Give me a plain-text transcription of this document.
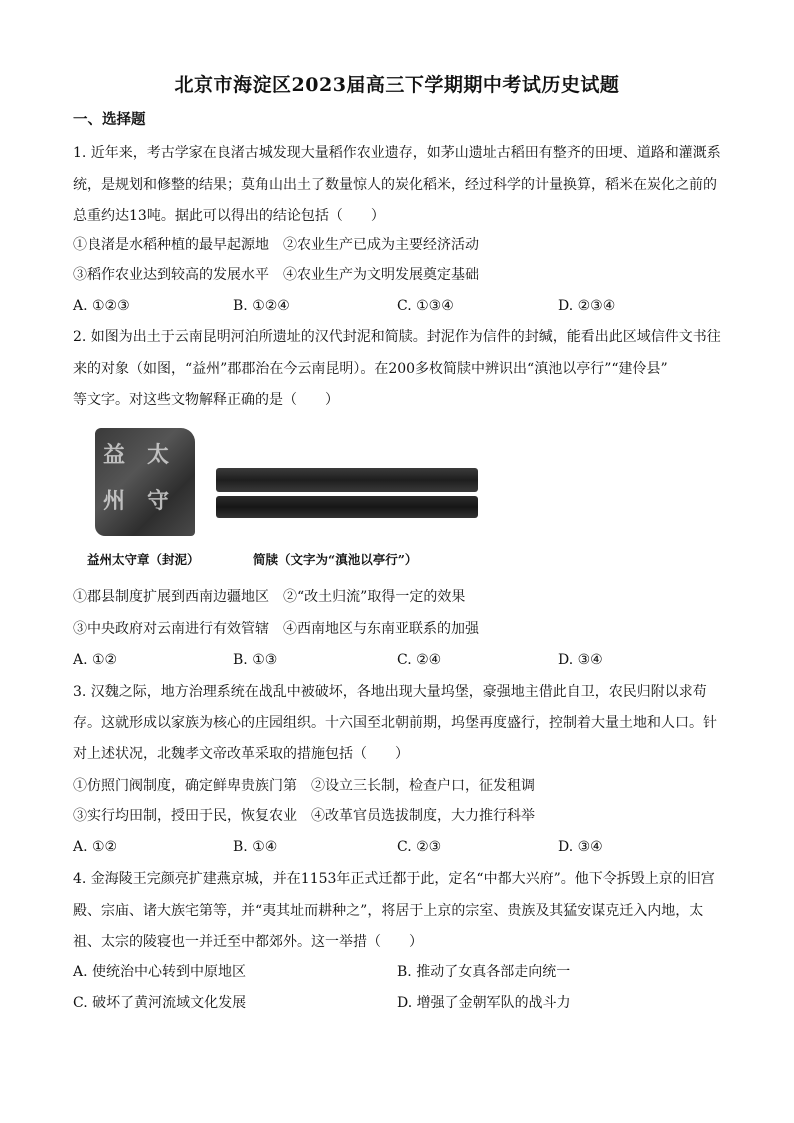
北京市海淀区2023届高三下学期期中考试历史试题
一、选择题
1. 近年来，考古学家在良渚古城发现大量稻作农业遗存，如茅山遗址古稻田有整齐的田埂、道路和灌溉系
统，是规划和修整的结果；莫角山出土了数量惊人的炭化稻米，经过科学的计量换算，稻米在炭化之前的
总重约达13吨。据此可以得出的结论包括（　　）
①良渚是水稻种植的最早起源地　②农业生产已成为主要经济活动
③稻作农业达到较高的发展水平　④农业生产为文明发展奠定基础
A. ①②③	B. ①②④	C. ①③④	D. ②③④
2. 如图为出土于云南昆明河泊所遗址的汉代封泥和简牍。封泥作为信件的封缄，能看出此区域信件文书往
来的对象（如图，“益州”郡郡治在今云南昆明）。在200多枚简牍中辨识出“滇池以亭行”“建伶县”
等文字。对这些文物解释正确的是（　　）
益 太
州 守
益州太守章（封泥）	简牍（文字为“滇池以亭行”）
①郡县制度扩展到西南边疆地区　②“改土归流”取得一定的效果
③中央政府对云南进行有效管辖　④西南地区与东南亚联系的加强
A. ①②	B. ①③	C. ②④	D. ③④
3. 汉魏之际，地方治理系统在战乱中被破坏，各地出现大量坞堡，豪强地主借此自卫，农民归附以求苟
存。这就形成以家族为核心的庄园组织。十六国至北朝前期，坞堡再度盛行，控制着大量土地和人口。针
对上述状况，北魏孝文帝改革采取的措施包括（　　）
①仿照门阀制度，确定鲜卑贵族门第　②设立三长制，检查户口，征发租调
③实行均田制，授田于民，恢复农业　④改革官员选拔制度，大力推行科举
A. ①②	B. ①④	C. ②③	D. ③④
4. 金海陵王完颜亮扩建燕京城，并在1153年正式迁都于此，定名“中都大兴府”。他下令拆毁上京的旧宫
殿、宗庙、诸大族宅第等，并“夷其址而耕种之”，将居于上京的宗室、贵族及其猛安谋克迁入内地，太
祖、太宗的陵寝也一并迁至中都郊外。这一举措（　　）
A. 使统治中心转到中原地区	B. 推动了女真各部走向统一
C. 破坏了黄河流域文化发展	D. 增强了金朝军队的战斗力
